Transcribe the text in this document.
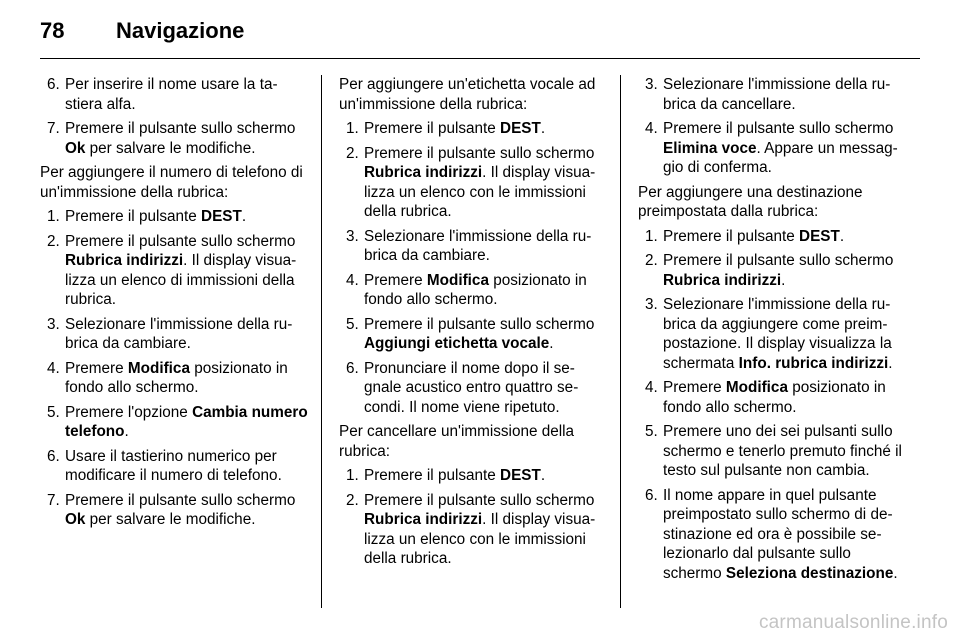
78 Navigazione
6. Per inserire il nome usare la ta- stiera alfa.
7. Premere il pulsante sullo schermo Ok per salvare le modifiche.

Per aggiungere il numero di telefono di un'immissione della rubrica:

1. Premere il pulsante DEST.
2. Premere il pulsante sullo schermo Rubrica indirizzi. Il display visua-lizza un elenco di immissioni della rubrica.
3. Selezionare l'immissione della ru-brica da cambiare.
4. Premere Modifica posizionato in fondo allo schermo.
5. Premere l'opzione Cambia numero telefono.
6. Usare il tastierino numerico per modificare il numero di telefono.
7. Premere il pulsante sullo schermo Ok per salvare le modifiche.

Per aggiungere un'etichetta vocale ad un'immissione della rubrica:

1. Premere il pulsante DEST.
2. Premere il pulsante sullo schermo Rubrica indirizzi. Il display visua-lizza un elenco con le immissioni della rubrica.
3. Selezionare l'immissione della ru-brica da cambiare.
4. Premere Modifica posizionato in fondo allo schermo.
5. Premere il pulsante sullo schermo Aggiungi etichetta vocale.
6. Pronunciare il nome dopo il se-gnale acustico entro quattro se-condi. Il nome viene ripetuto.

Per cancellare un'immissione della rubrica:

1. Premere il pulsante DEST.
2. Premere il pulsante sullo schermo Rubrica indirizzi. Il display visua-lizza un elenco con le immissioni della rubrica.
3. Selezionare l'immissione della ru-brica da cancellare.
4. Premere il pulsante sullo schermo Elimina voce. Appare un messag-gio di conferma.

Per aggiungere una destinazione preimpostata dalla rubrica:

1. Premere il pulsante DEST.
2. Premere il pulsante sullo schermo Rubrica indirizzi.
3. Selezionare l'immissione della ru-brica da aggiungere come preim-postazione. Il display visualizza la schermata Info. rubrica indirizzi.
4. Premere Modifica posizionato in fondo allo schermo.
5. Premere uno dei sei pulsanti sullo schermo e tenerlo premuto finché il testo sul pulsante non cambia.
6. Il nome appare in quel pulsante preimpostato sullo schermo di de-stinazione ed ora è possibile se-lezionarlo dal pulsante sullo schermo Seleziona destinazione.
carmanualsonline.info
